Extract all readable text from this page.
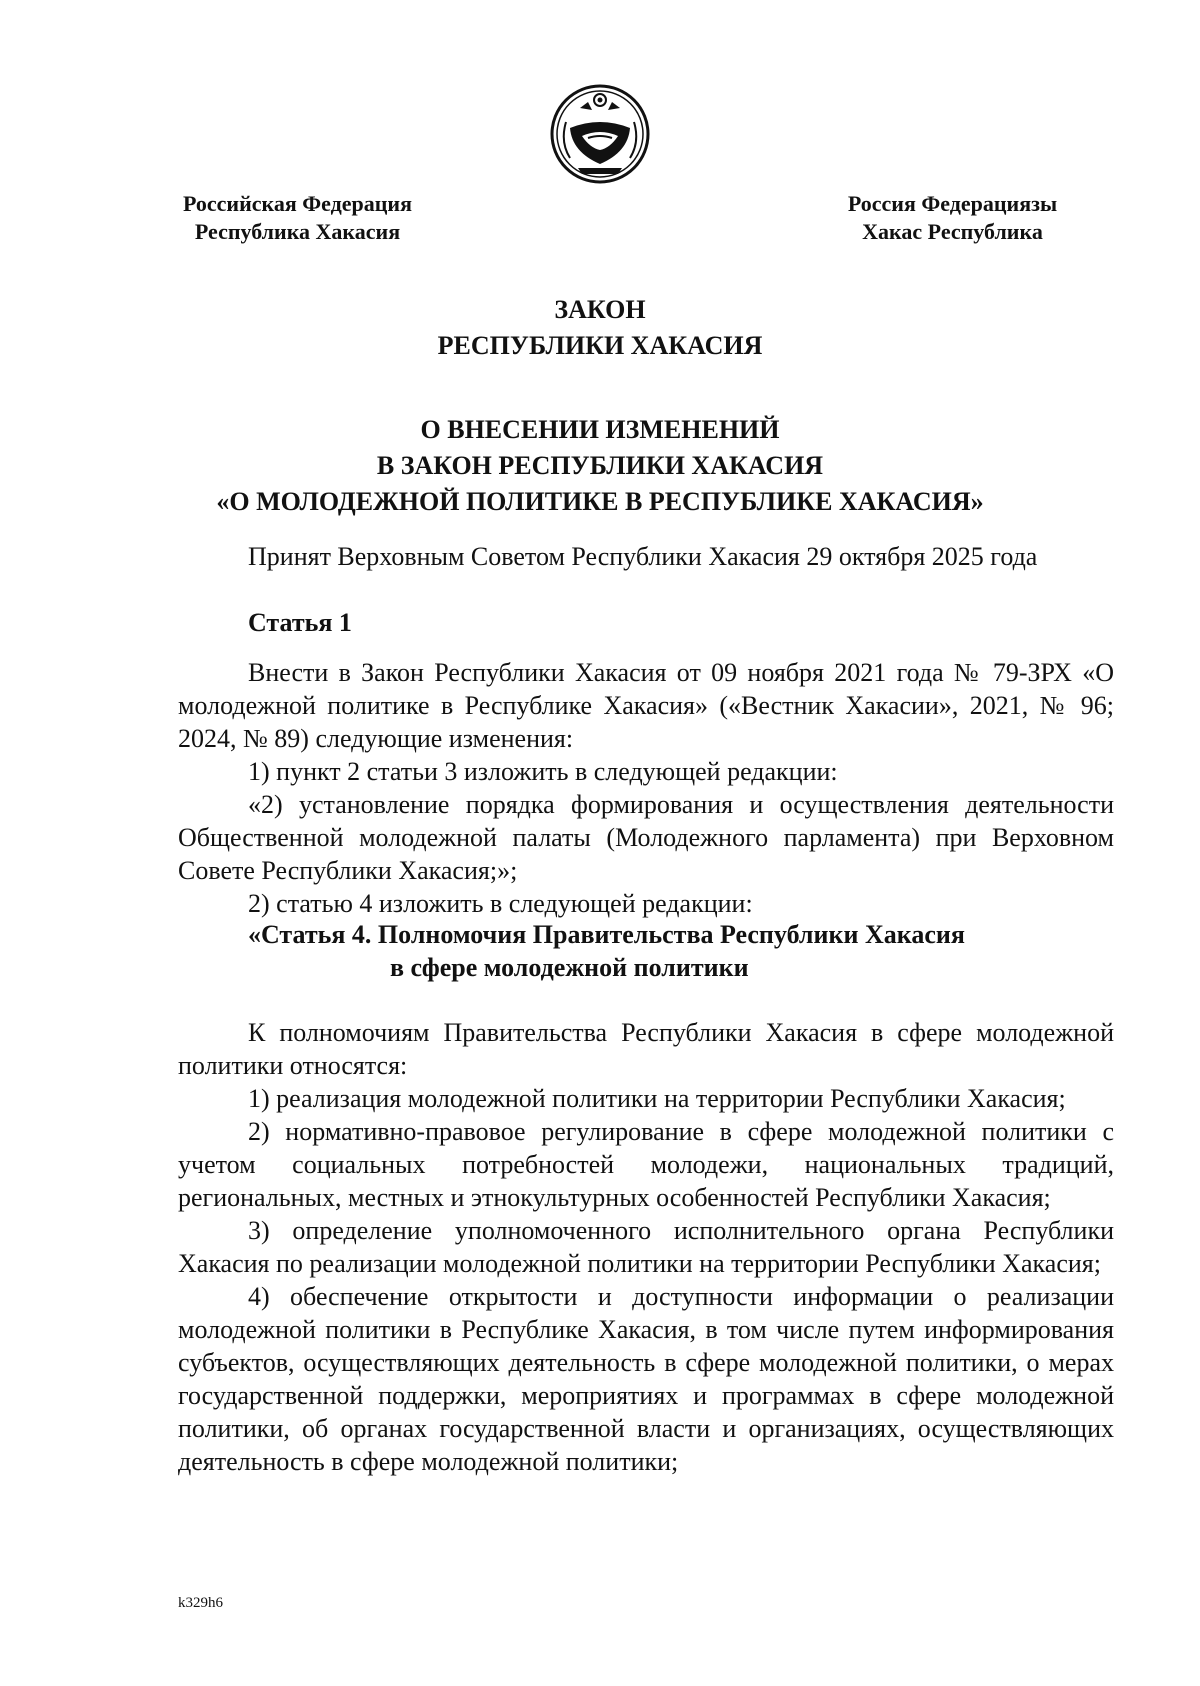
Российская Федерация
Республика Хакасия
Россия Федерациязы
Хакас Республика
ЗАКОН
РЕСПУБЛИКИ ХАКАСИЯ
О ВНЕСЕНИИ ИЗМЕНЕНИЙ
В ЗАКОН РЕСПУБЛИКИ ХАКАСИЯ
«О МОЛОДЕЖНОЙ ПОЛИТИКЕ В РЕСПУБЛИКЕ ХАКАСИЯ»

Принят Верховным Советом Республики Хакасия 29 октября 2025 года

Статья 1

Внести в Закон Республики Хакасия от 09 ноября 2021 года № 79-ЗРХ «О молодежной политике в Республике Хакасия» («Вестник Хакасии», 2021, № 96; 2024, № 89) следующие изменения:

1) пункт 2 статьи 3 изложить в следующей редакции:

«2) установление порядка формирования и осуществления деятельности Общественной молодежной палаты (Молодежного парламента) при Верховном Совете Республики Хакасия;»;

2) статью 4 изложить в следующей редакции:

«Статья 4. Полномочия Правительства Республики Хакасия
в сфере молодежной политики

К полномочиям Правительства Республики Хакасия в сфере молодежной политики относятся:

1) реализация молодежной политики на территории Республики Хакасия;

2) нормативно-правовое регулирование в сфере молодежной политики с учетом социальных потребностей молодежи, национальных традиций, региональных, местных и этнокультурных особенностей Республики Хакасия;

3) определение уполномоченного исполнительного органа Республики Хакасия по реализации молодежной политики на территории Республики Хакасия;

4) обеспечение открытости и доступности информации о реализации молодежной политики в Республике Хакасия, в том числе путем информирования субъектов, осуществляющих деятельность в сфере молодежной политики, о мерах государственной поддержки, мероприятиях и программах в сфере молодежной политики, об органах государственной власти и организациях, осуществляющих деятельность в сфере молодежной политики;

k329h6
